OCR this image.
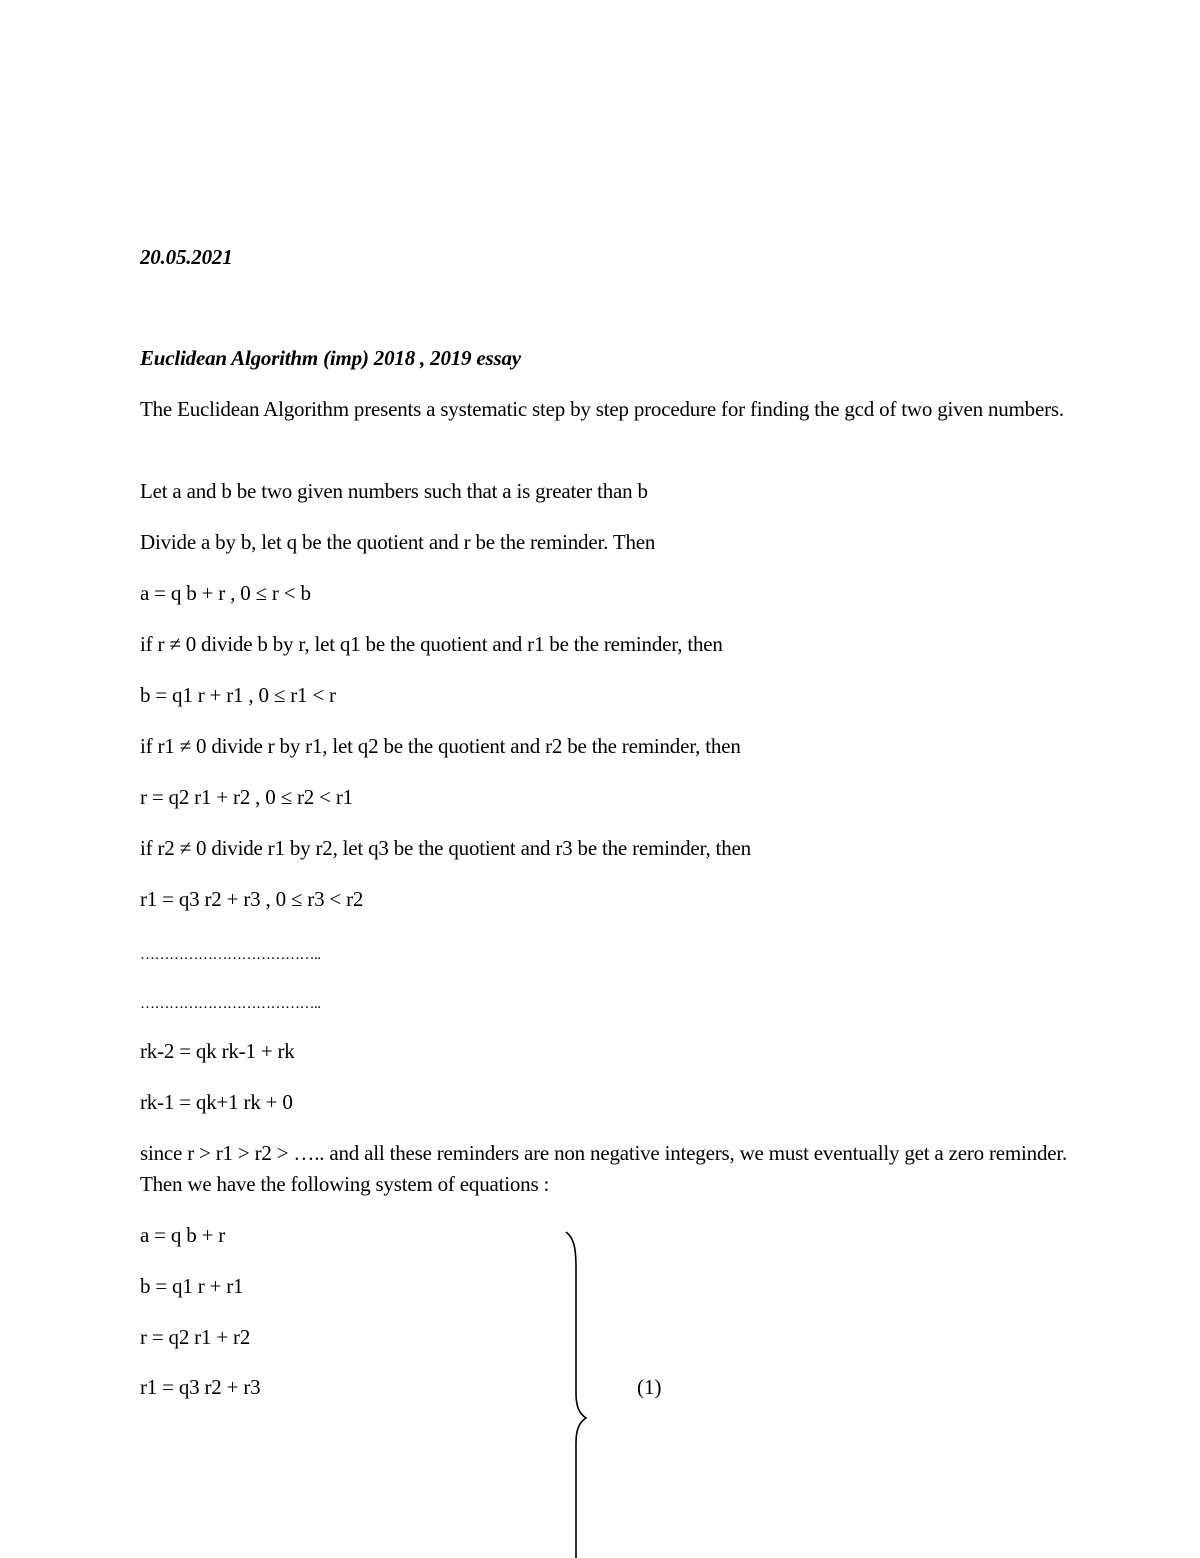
20.05.2021
Euclidean Algorithm (imp) 2018 , 2019 essay
The Euclidean Algorithm presents a systematic step by step procedure for finding the gcd of two given numbers.
Let a and b be two given numbers such that a is greater than b
Divide a by b, let q be the quotient and r be the reminder. Then
a = q b + r , 0 ≤ r < b
if r ≠ 0 divide b by r, let q1 be the quotient and r1 be the reminder, then
b = q1 r + r1 , 0 ≤ r1 < r
if r1 ≠ 0 divide r by r1, let q2 be the quotient and r2 be the reminder, then
r = q2 r1 + r2 , 0 ≤ r2 < r1
if r2 ≠ 0 divide r1 by r2, let q3 be the quotient and r3 be the reminder, then
r1 = q3 r2 + r3 , 0 ≤ r3 < r2
………………………………..
………………………………..
rk-2 = qk rk-1 + rk
rk-1 = qk+1 rk + 0
since r > r1 > r2 > ….. and all these reminders are non negative integers, we must eventually get a zero reminder. Then we have the following system of equations :
a = q b + r
b = q1 r + r1
r = q2 r1 + r2
r1 = q3 r2 + r3	(1)
